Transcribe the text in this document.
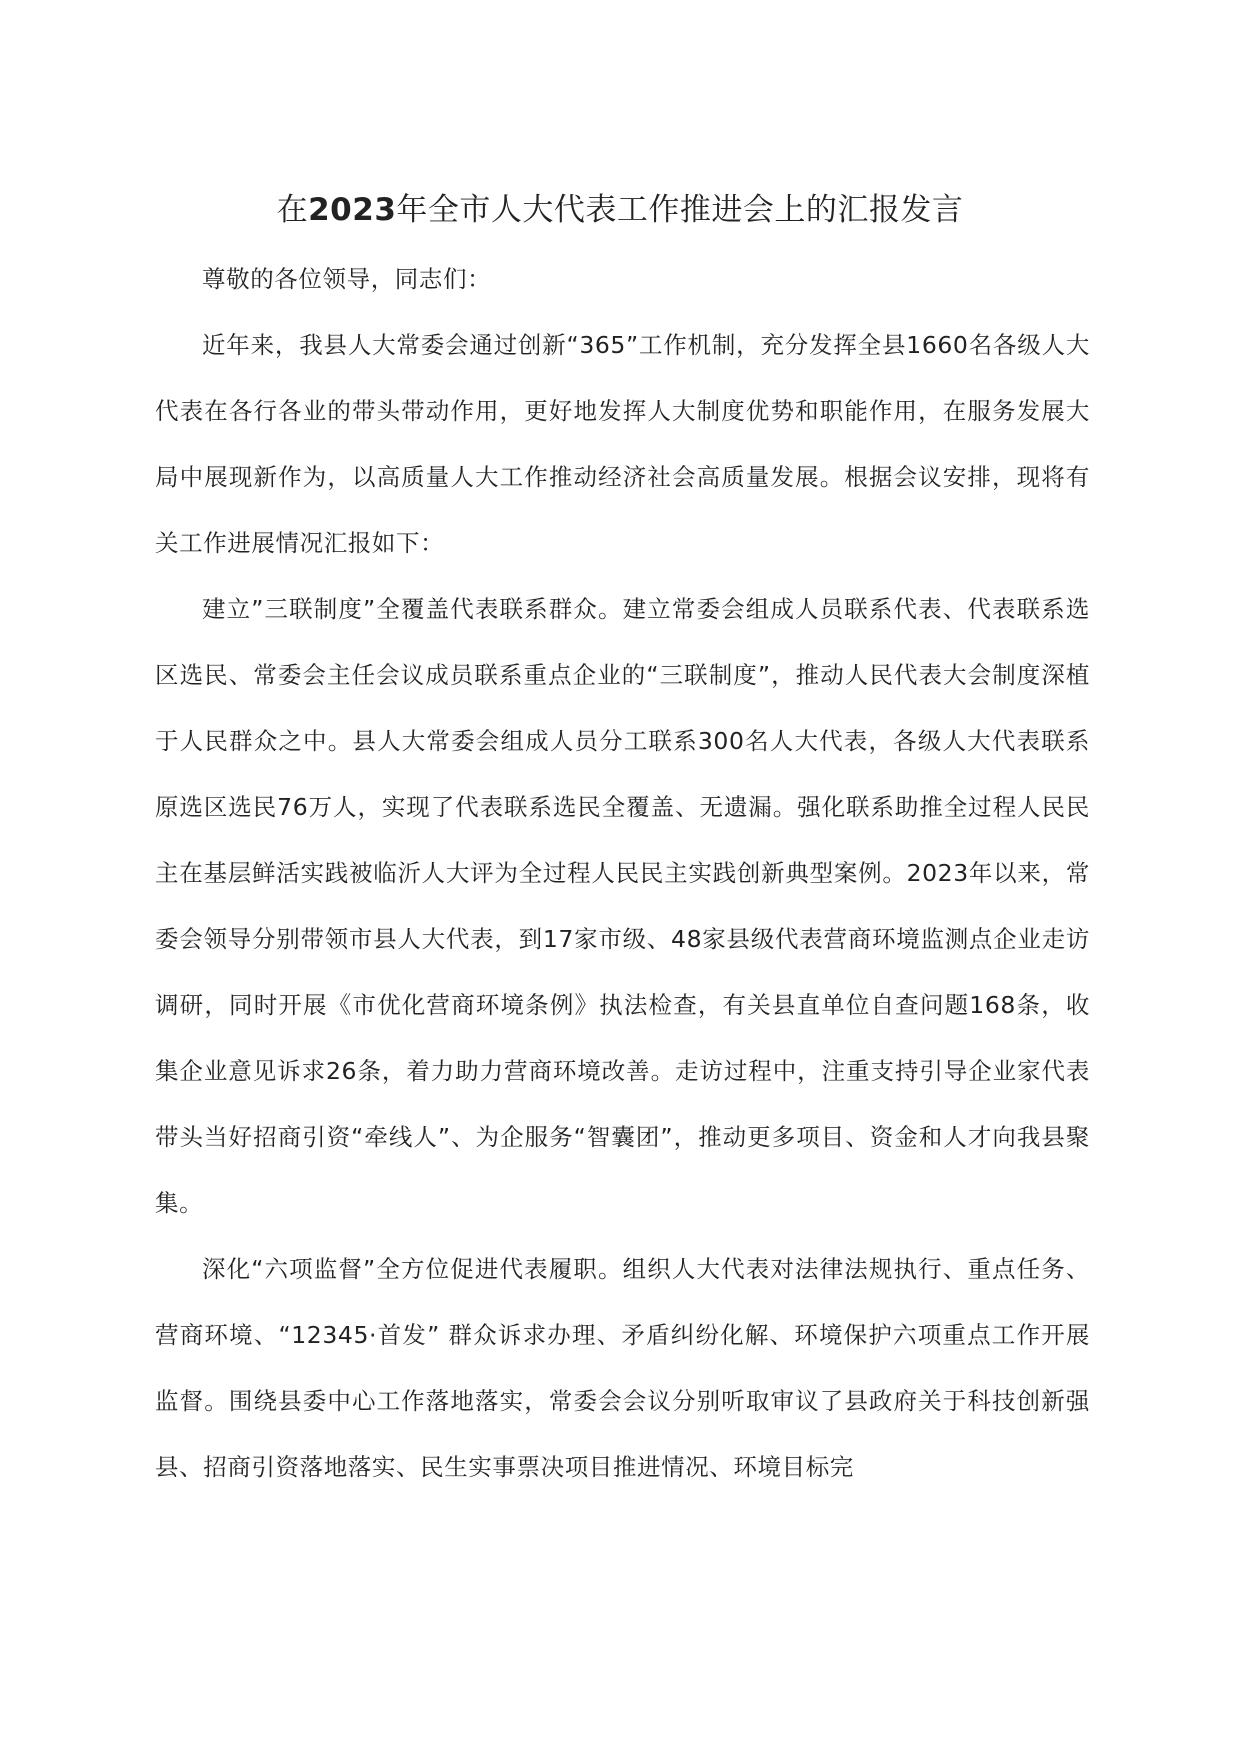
在2023年全市人大代表工作推进会上的汇报发言

尊敬的各位领导，同志们：

近年来，我县人大常委会通过创新“365”工作机制，充分发挥全县1660名各级人大代表在各行各业的带头带动作用，更好地发挥人大制度优势和职能作用，在服务发展大局中展现新作为，以高质量人大工作推动经济社会高质量发展。根据会议安排，现将有关工作进展情况汇报如下：

建立”三联制度”全覆盖代表联系群众。建立常委会组成人员联系代表、代表联系选区选民、常委会主任会议成员联系重点企业的“三联制度”，推动人民代表大会制度深植于人民群众之中。县人大常委会组成人员分工联系300名人大代表，各级人大代表联系原选区选民76万人，实现了代表联系选民全覆盖、无遗漏。强化联系助推全过程人民民主在基层鲜活实践被临沂人大评为全过程人民民主实践创新典型案例。2023年以来，常委会领导分别带领市县人大代表，到17家市级、48家县级代表营商环境监测点企业走访调研，同时开展《市优化营商环境条例》执法检查，有关县直单位自查问题168条，收集企业意见诉求26条，着力助力营商环境改善。走访过程中，注重支持引导企业家代表带头当好招商引资“牵线人”、为企服务“智囊团”，推动更多项目、资金和人才向我县聚集。

深化“六项监督”全方位促进代表履职。组织人大代表对法律法规执行、重点任务、营商环境、“12345·首发” 群众诉求办理、矛盾纠纷化解、环境保护六项重点工作开展监督。围绕县委中心工作落地落实，常委会会议分别听取审议了县政府关于科技创新强县、招商引资落地落实、民生实事票决项目推进情况、环境目标完
